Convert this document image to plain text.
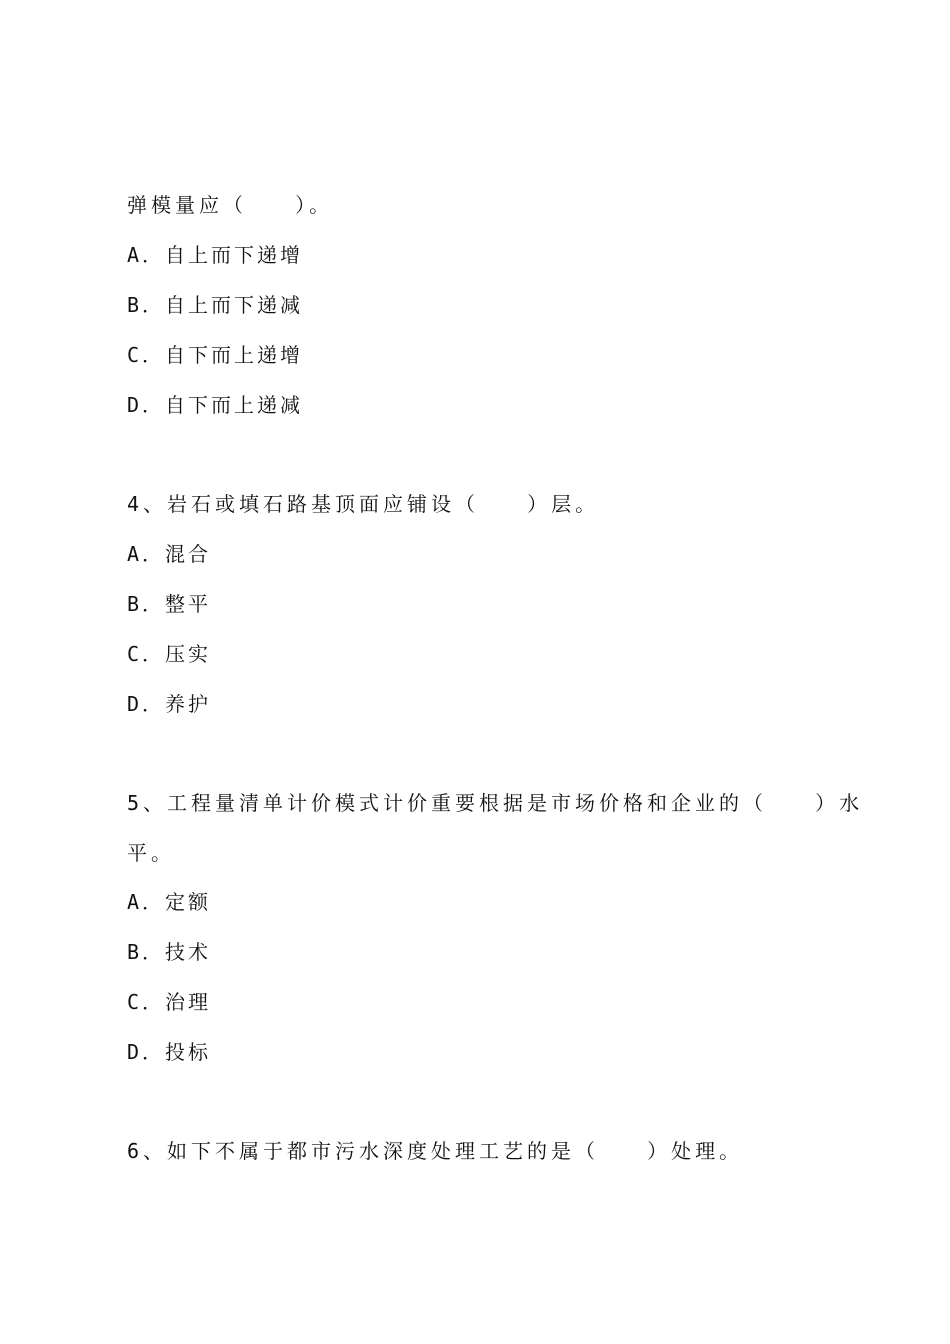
弹模量应（   ）。
A．自上而下递增
B．自上而下递减
C．自下而上递增
D．自下而上递减
4、岩石或填石路基顶面应铺设（   ）层。
A．混合
B．整平
C．压实
D．养护
5、工程量清单计价模式计价重要根据是市场价格和企业的（   ）水
平。
A．定额
B．技术
C．治理
D．投标
6、如下不属于都市污水深度处理工艺的是（   ）处理。
